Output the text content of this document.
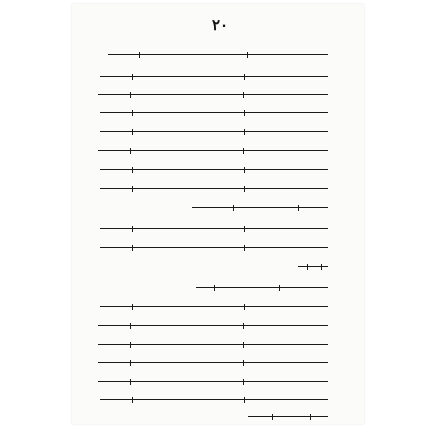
۲۰
